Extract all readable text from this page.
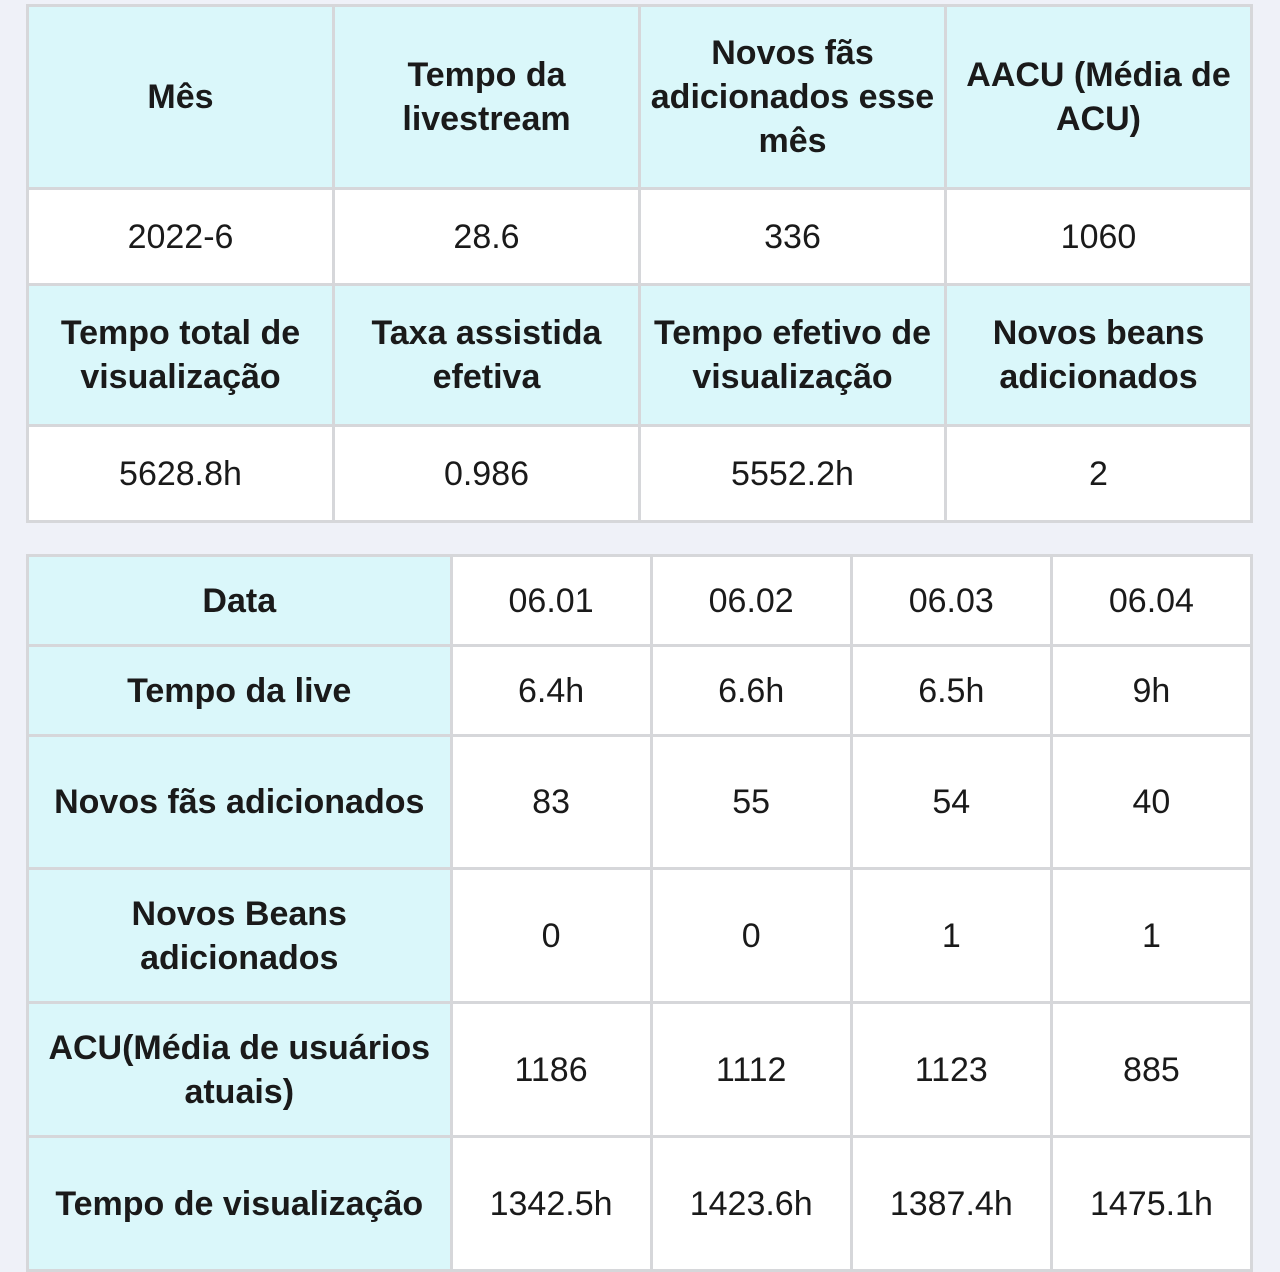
Mês	Tempo da livestream	Novos fãs adicionados esse mês	AACU (Média de ACU)
2022-6	28.6	336	1060
Tempo total de visualização	Taxa assistida efetiva	Tempo efetivo de visualização	Novos beans adicionados
5628.8h	0.986	5552.2h	2
Data	06.01	06.02	06.03	06.04
Tempo da live	6.4h	6.6h	6.5h	9h
Novos fãs adicionados	83	55	54	40
Novos Beans adicionados	0	0	1	1
ACU(Média de usuários atuais)	1186	1112	1123	885
Tempo de visualização	1342.5h	1423.6h	1387.4h	1475.1h
